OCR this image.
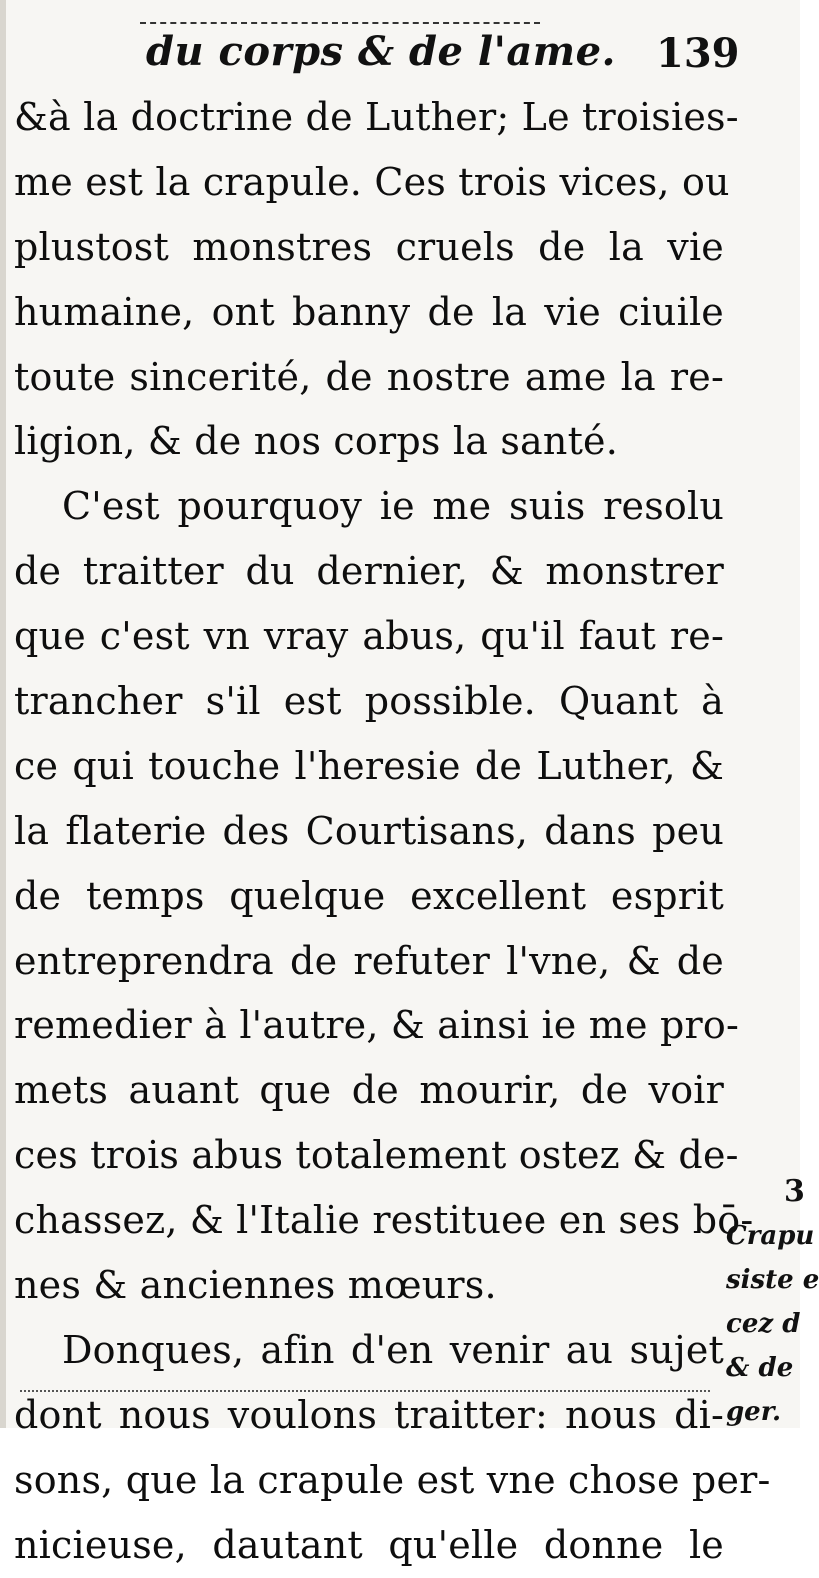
du corps & de l'ame. 139
&à la doctrine de Luther; Le troisies-
me est la crapule. Ces trois vices, ou
plustost monstres cruels de la vie
humaine, ont banny de la vie ciuile
toute sincerité, de nostre ame la re-
ligion, & de nos corps la santé.
C'est pourquoy ie me suis resolu
de traitter du dernier, & monstrer
que c'est vn vray abus, qu'il faut re-
trancher s'il est possible. Quant à
ce qui touche l'heresie de Luther, &
la flaterie des Courtisans, dans peu
de temps quelque excellent esprit
entreprendra de refuter l'vne, & de
remedier à l'autre, & ainsi ie me pro-
mets auant que de mourir, de voir
ces trois abus totalement ostez & de-
chassez, & l'Italie restituee en ses bō-
nes & anciennes mœurs.
Donques, afin d'en venir au sujet
dont nous voulons traitter: nous di-
sons, que la crapule est vne chose per-
nicieuse, dautant qu'elle donne le
3
Crapu
siste e
cez d
& de
ger.
